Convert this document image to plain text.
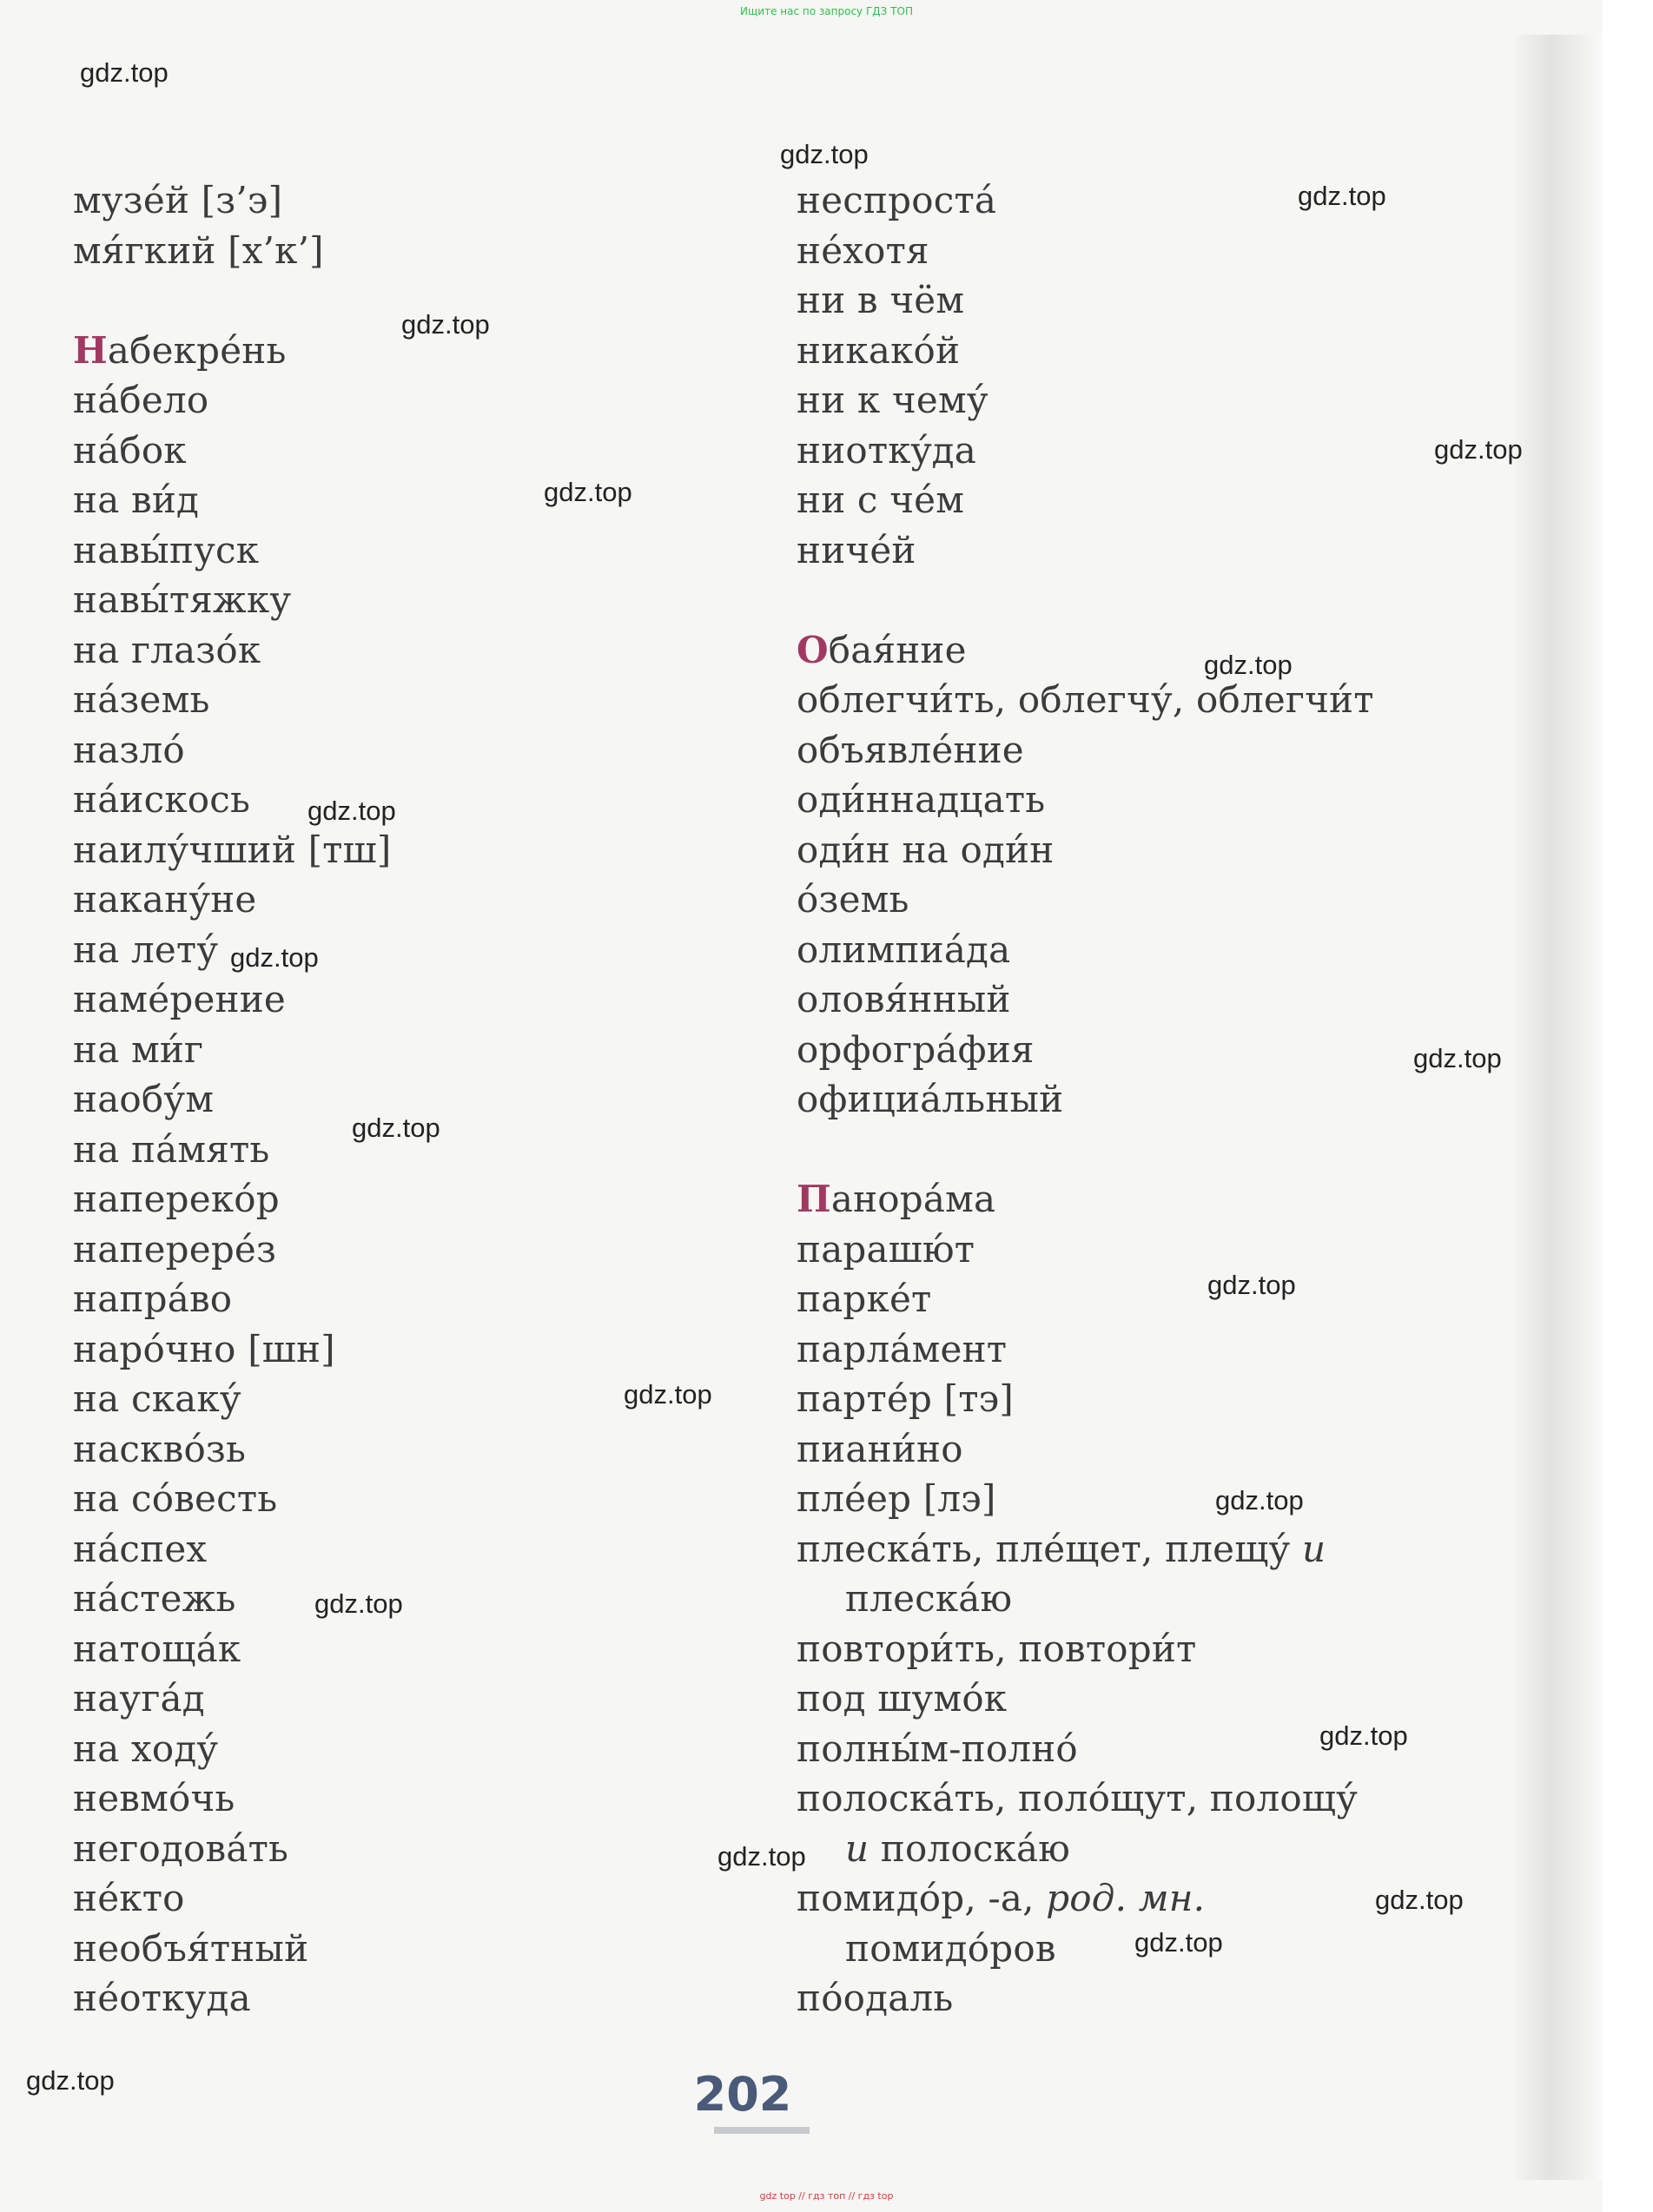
Ищите нас по запросу ГДЗ ТОП
музе́й [з’э]
мя́гкий [х’к’]
Набекре́нь
на́бело
на́бок
на ви́д
навы́пуск
навы́тяжку
на глазо́к
на́земь
назло́
на́искось
наилу́чший [тш]
накану́не
на лету́
наме́рение
на ми́г
наобу́м
на па́мять
наперекóр
наперере́з
напра́во
наро́чно [шн]
на скаку́
насквóзь
на сóвесть
на́спех
на́стежь
натоща́к
науга́д
на ходу́
невмóчь
негодова́ть
не́кто
необъя́тный
не́откуда
неспроста́
не́хотя
ни в чём
никакóй
ни к чему́
ниоткýда
ни с чéм
ничéй
Обая́ние
облегчи́ть, облегчу́, облегчи́т
объявлéние
оди́ннадцать
оди́н на оди́н
óземь
олимпиа́да
оловя́нный
орфогра́фия
официа́льный
Панора́ма
парашю́т
паркéт
парла́мент
партéр [тэ]
пиани́но
плéер [лэ]
плеска́ть, плéщет, плещу́ и
плеска́ю
повтори́ть, повтори́т
под шумóк
полны́м-полнó
полоска́ть, полóщут, полощу́
и полоска́ю
помидóр, -а, род. мн.
помидóров
пóодаль
202
gdz top // гдз топ // гдз top
gdz.top
gdz.top
gdz.top
gdz.top
gdz.top
gdz.top
gdz.top
gdz.top
gdz.top
gdz.top
gdz.top
gdz.top
gdz.top
gdz.top
gdz.top
gdz.top
gdz.top
gdz.top
gdz.top
gdz.top
